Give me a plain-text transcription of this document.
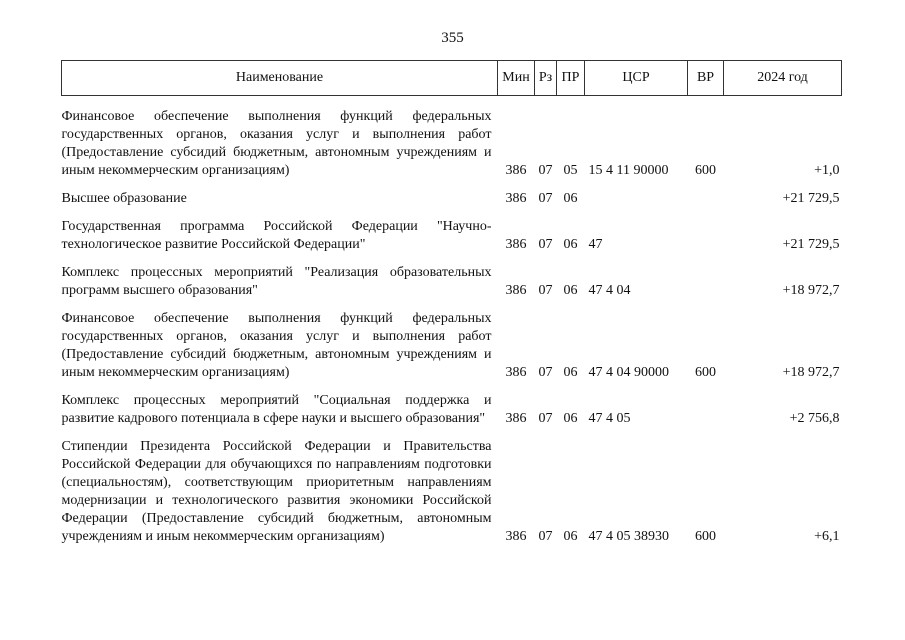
355
Наименование	Мин	Рз	ПР	ЦСР	ВР	2024 год
Финансовое обеспечение выполнения функций федеральных государственных органов, оказания услуг и выполнения работ (Предоставление субсидий бюджетным, автономным учреждениям и иным некоммерческим организациям)	386	07	05	15 4 11 90000	600	+1,0
Высшее образование	386	07	06			+21 729,5
Государственная программа Российской Федерации "Научно-технологическое развитие Российской Федерации"	386	07	06	47		+21 729,5
Комплекс процессных мероприятий "Реализация образовательных программ высшего образования"	386	07	06	47 4 04		+18 972,7
Финансовое обеспечение выполнения функций федеральных государственных органов, оказания услуг и выполнения работ (Предоставление субсидий бюджетным, автономным учреждениям и иным некоммерческим организациям)	386	07	06	47 4 04 90000	600	+18 972,7
Комплекс процессных мероприятий "Социальная поддержка и развитие кадрового потенциала в сфере науки и высшего образования"	386	07	06	47 4 05		+2 756,8
Стипендии Президента Российской Федерации и Правительства Российской Федерации для обучающихся по направлениям подготовки (специальностям), соответствующим приоритетным направлениям модернизации и технологического развития экономики Российской Федерации (Предоставление субсидий бюджетным, автономным учреждениям и иным некоммерческим организациям)	386	07	06	47 4 05 38930	600	+6,1
